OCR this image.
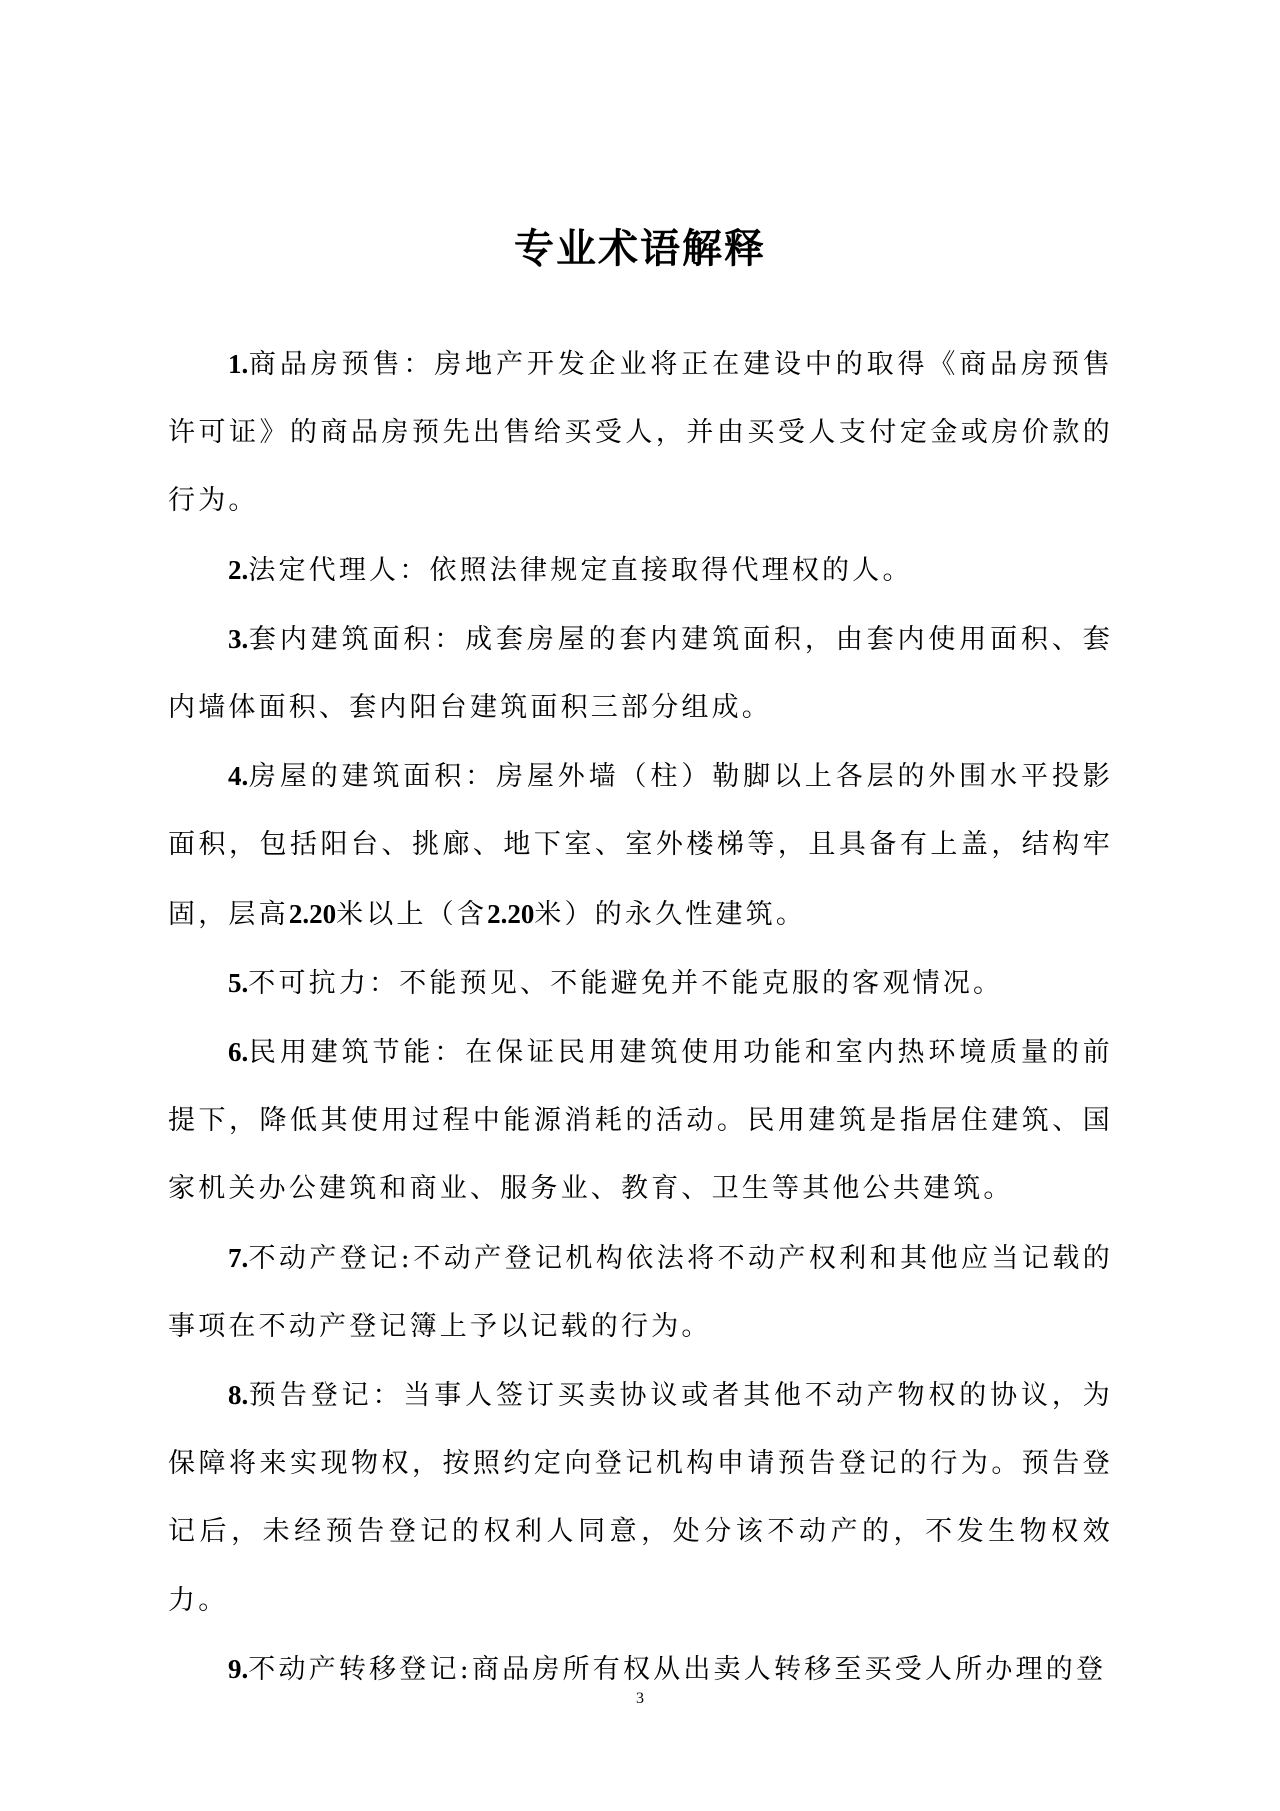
专业术语解释

1.商品房预售：房地产开发企业将正在建设中的取得《商品房预售许可证》的商品房预先出售给买受人，并由买受人支付定金或房价款的行为。

2.法定代理人：依照法律规定直接取得代理权的人。

3.套内建筑面积：成套房屋的套内建筑面积，由套内使用面积、套内墙体面积、套内阳台建筑面积三部分组成。

4.房屋的建筑面积：房屋外墙（柱）勒脚以上各层的外围水平投影面积，包括阳台、挑廊、地下室、室外楼梯等，且具备有上盖，结构牢固，层高2.20米以上（含2.20米）的永久性建筑。

5.不可抗力：不能预见、不能避免并不能克服的客观情况。

6.民用建筑节能：在保证民用建筑使用功能和室内热环境质量的前提下，降低其使用过程中能源消耗的活动。民用建筑是指居住建筑、国家机关办公建筑和商业、服务业、教育、卫生等其他公共建筑。

7.不动产登记:不动产登记机构依法将不动产权利和其他应当记载的事项在不动产登记簿上予以记载的行为。

8.预告登记：当事人签订买卖协议或者其他不动产物权的协议，为保障将来实现物权，按照约定向登记机构申请预告登记的行为。预告登记后，未经预告登记的权利人同意，处分该不动产的，不发生物权效力。

9.不动产转移登记:商品房所有权从出卖人转移至买受人所办理的登

3
